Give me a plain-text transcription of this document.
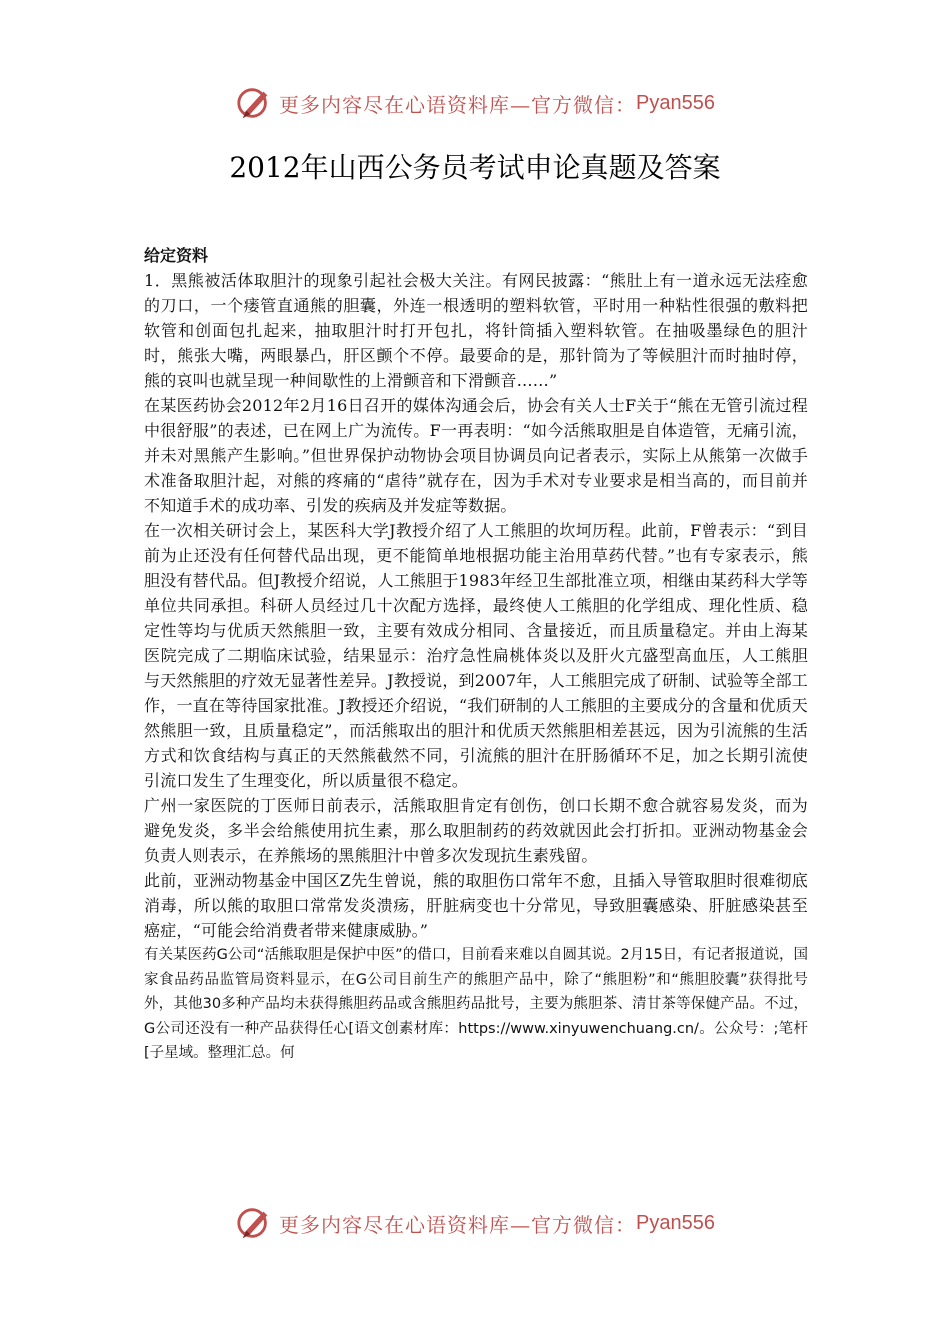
更多内容尽在心语资料库—官方微信： Pyan556
2012年山西公务员考试申论真题及答案

给定资料

1．黑熊被活体取胆汁的现象引起社会极大关注。有网民披露：“熊肚上有一道永远无法痊愈的刀口，一个瘘管直通熊的胆囊，外连一根透明的塑料软管，平时用一种粘性很强的敷料把软管和创面包扎起来，抽取胆汁时打开包扎，将针筒插入塑料软管。在抽吸墨绿色的胆汁时，熊张大嘴，两眼暴凸，肝区颤个不停。最要命的是，那针筒为了等候胆汁而时抽时停，熊的哀叫也就呈现一种间歇性的上滑颤音和下滑颤音……”

在某医药协会2012年2月16日召开的媒体沟通会后，协会有关人士F关于“熊在无管引流过程中很舒服”的表述，已在网上广为流传。F一再表明：“如今活熊取胆是自体造管，无痛引流，并未对黑熊产生影响。”但世界保护动物协会项目协调员向记者表示，实际上从熊第一次做手术准备取胆汁起，对熊的疼痛的“虐待”就存在，因为手术对专业要求是相当高的，而目前并不知道手术的成功率、引发的疾病及并发症等数据。

在一次相关研讨会上，某医科大学J教授介绍了人工熊胆的坎坷历程。此前，F曾表示：“到目前为止还没有任何替代品出现，更不能简单地根据功能主治用草药代替。”也有专家表示，熊胆没有替代品。但J教授介绍说，人工熊胆于1983年经卫生部批准立项，相继由某药科大学等单位共同承担。科研人员经过几十次配方选择，最终使人工熊胆的化学组成、理化性质、稳定性等均与优质天然熊胆一致，主要有效成分相同、含量接近，而且质量稳定。并由上海某医院完成了二期临床试验，结果显示：治疗急性扁桃体炎以及肝火亢盛型高血压，人工熊胆与天然熊胆的疗效无显著性差异。J教授说，到2007年，人工熊胆完成了研制、试验等全部工作，一直在等待国家批准。J教授还介绍说，“我们研制的人工熊胆的主要成分的含量和优质天然熊胆一致，且质量稳定”，而活熊取出的胆汁和优质天然熊胆相差甚远，因为引流熊的生活方式和饮食结构与真正的天然熊截然不同，引流熊的胆汁在肝肠循环不足，加之长期引流使引流口发生了生理变化，所以质量很不稳定。

广州一家医院的丁医师日前表示，活熊取胆肯定有创伤，创口长期不愈合就容易发炎，而为避免发炎，多半会给熊使用抗生素，那么取胆制药的药效就因此会打折扣。亚洲动物基金会负责人则表示，在养熊场的黑熊胆汁中曾多次发现抗生素残留。

此前，亚洲动物基金中国区Z先生曾说，熊的取胆伤口常年不愈，且插入导管取胆时很难彻底消毒，所以熊的取胆口常常发炎溃疡，肝脏病变也十分常见，导致胆囊感染、肝脏感染甚至癌症，“可能会给消费者带来健康威胁。”

有关某医药G公司“活熊取胆是保护中医”的借口，目前看来难以自圆其说。2月15日，有记者报道说，国家食品药品监管局资料显示，在G公司目前生产的熊胆产品中，除了“熊胆粉”和“熊胆胶囊”获得批号外，其他30多种产品均未获得熊胆药品或含熊胆药品批号，主要为熊胆茶、清甘茶等保健产品。不过，G公司还没有一种产品获得任心[语文创素材库：https://www.xinyuwenchuang.cn/。公众号：;笔杆[子星域。整理汇总。何

更多内容尽在心语资料库—官方微信： Pyan556
